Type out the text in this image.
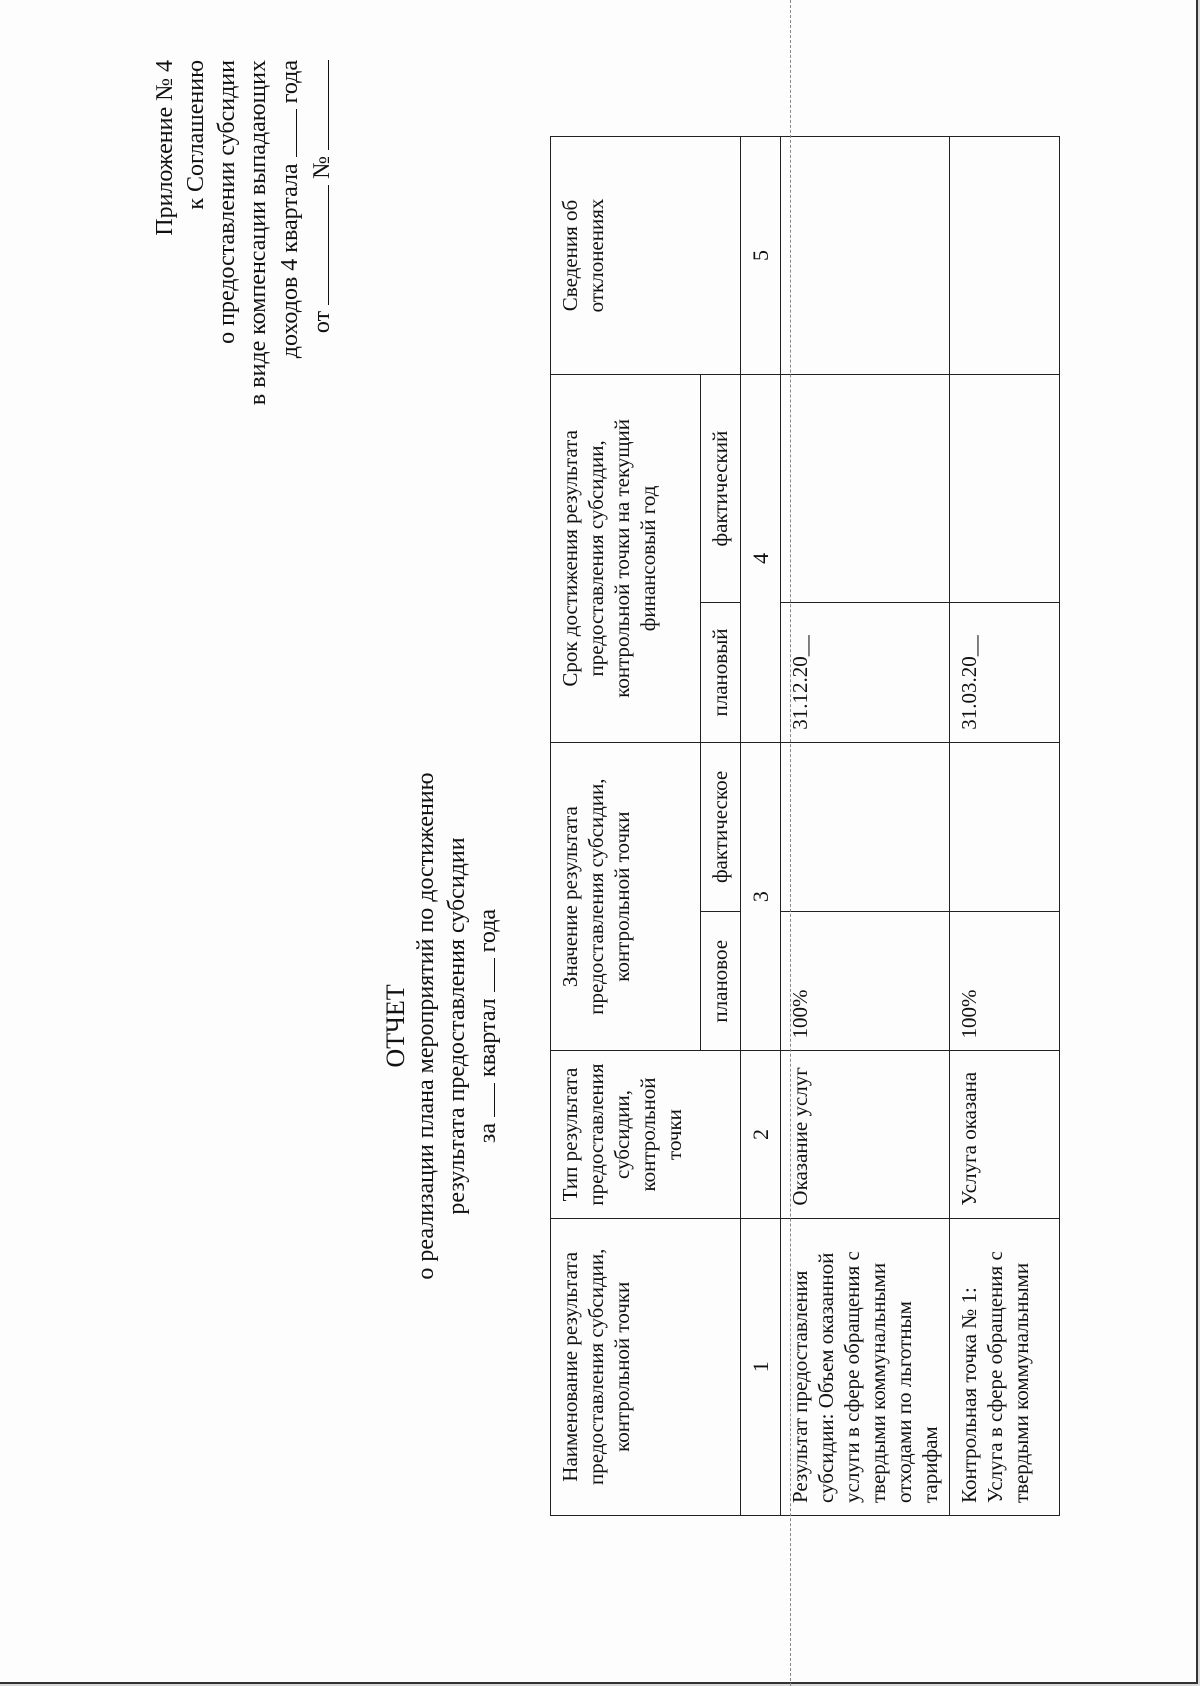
Приложение № 4 к Соглашению о предоставлении субсидии в виде компенсации выпадающих доходов 4 квартала  года
от  №
ОТЧЕТ о реализации плана мероприятий по достижению результата предоставления субсидии за  квартал  года
Наименование результата предоставления субсидии, контрольной точки	Тип результата предоставления субсидии, контрольной точки	Значение результата предоставления субсидии, контрольной точки		Срок достижения результата предоставления субсидии, контрольной точки на текущий финансовый год		Сведения об отклонениях
		плановое	фактическое	плановый	фактический	
1	2	3		4		5
Результат предоставления субсидии: Объем оказанной услуги в сфере обращения с твердыми коммунальными отходами по льготным тарифам	Оказание услуг	100%		31.12.20__		
Контрольная точка № 1: Услуга в сфере обращения с твердыми коммунальными	Услуга оказана	100%		31.03.20__		
